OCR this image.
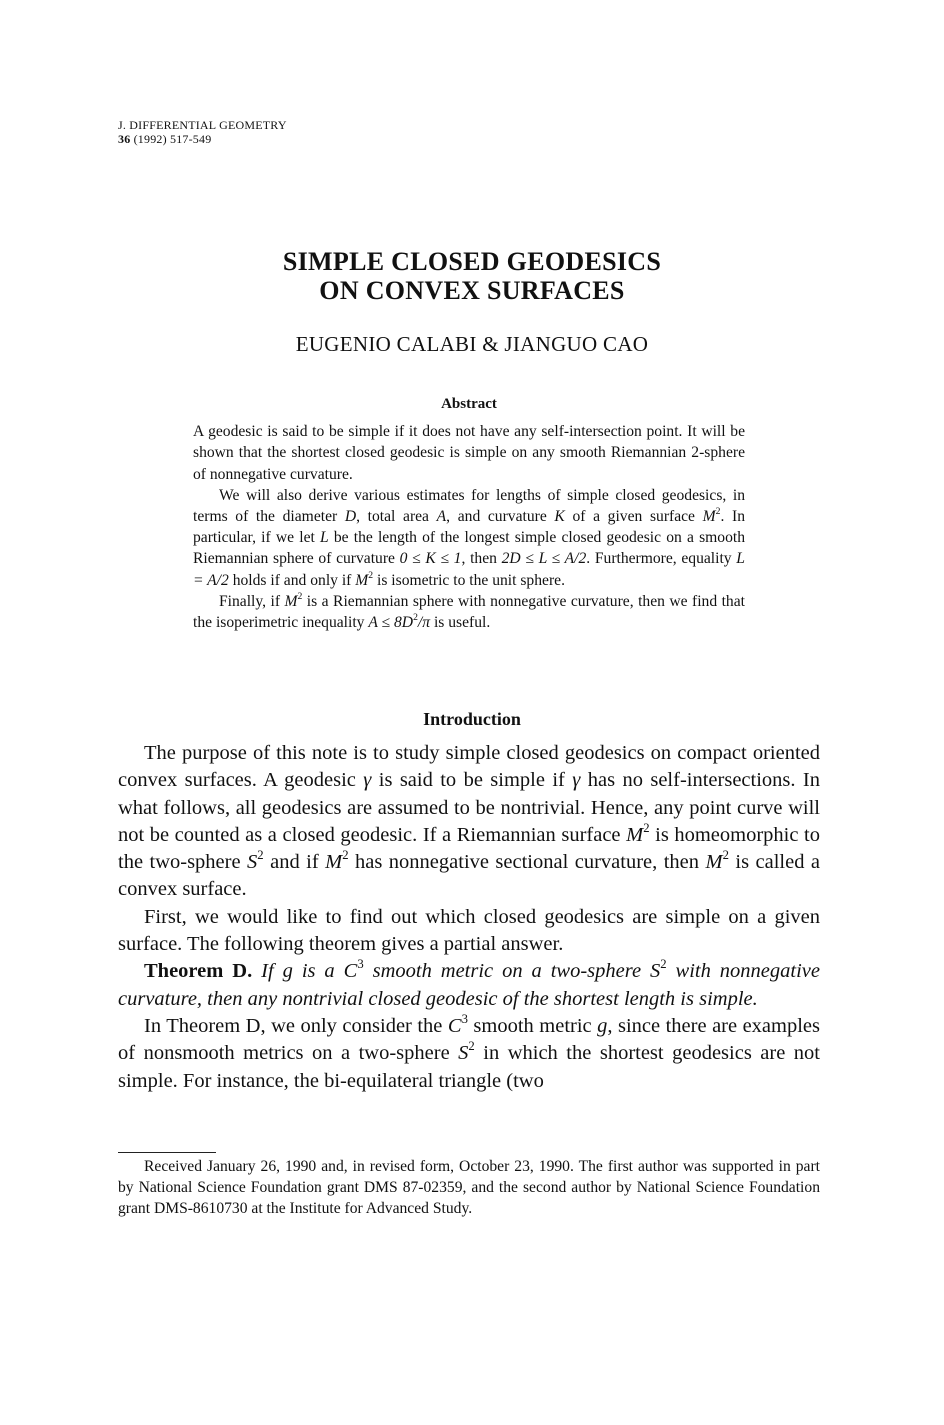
J. DIFFERENTIAL GEOMETRY
36 (1992) 517-549
SIMPLE CLOSED GEODESICS
ON CONVEX SURFACES
EUGENIO CALABI & JIANGUO CAO
Abstract

A geodesic is said to be simple if it does not have any self-intersection point. It will be shown that the shortest closed geodesic is simple on any smooth Riemannian 2-sphere of nonnegative curvature.

We will also derive various estimates for lengths of simple closed geodesics, in terms of the diameter D, total area A, and curvature K of a given surface $M^2$. In particular, if we let L be the length of the longest simple closed geodesic on a smooth Riemannian sphere of curvature 0 ≤ K ≤ 1, then 2D ≤ L ≤ A/2. Furthermore, equality L = A/2 holds if and only if $M^2$ is isometric to the unit sphere.

Finally, if $M^2$ is a Riemannian sphere with nonnegative curvature, then we find that the isoperimetric inequality $A \le 8D^2/\pi$ is useful.

Introduction

The purpose of this note is to study simple closed geodesics on compact oriented convex surfaces. A geodesic γ is said to be simple if γ has no self-intersections. In what follows, all geodesics are assumed to be nontrivial. Hence, any point curve will not be counted as a closed geodesic. If a Riemannian surface $M^2$ is homeomorphic to the two-sphere $S^2$ and if $M^2$ has nonnegative sectional curvature, then $M^2$ is called a convex surface.

First, we would like to find out which closed geodesics are simple on a given surface. The following theorem gives a partial answer.

Theorem D. If g is a $C^3$ smooth metric on a two-sphere $S^2$ with nonnegative curvature, then any nontrivial closed geodesic of the shortest length is simple.

In Theorem D, we only consider the $C^3$ smooth metric g, since there are examples of nonsmooth metrics on a two-sphere $S^2$ in which the shortest geodesics are not simple. For instance, the bi-equilateral triangle (two

Received January 26, 1990 and, in revised form, October 23, 1990. The first author was supported in part by National Science Foundation grant DMS 87-02359, and the second author by National Science Foundation grant DMS-8610730 at the Institute for Advanced Study.
